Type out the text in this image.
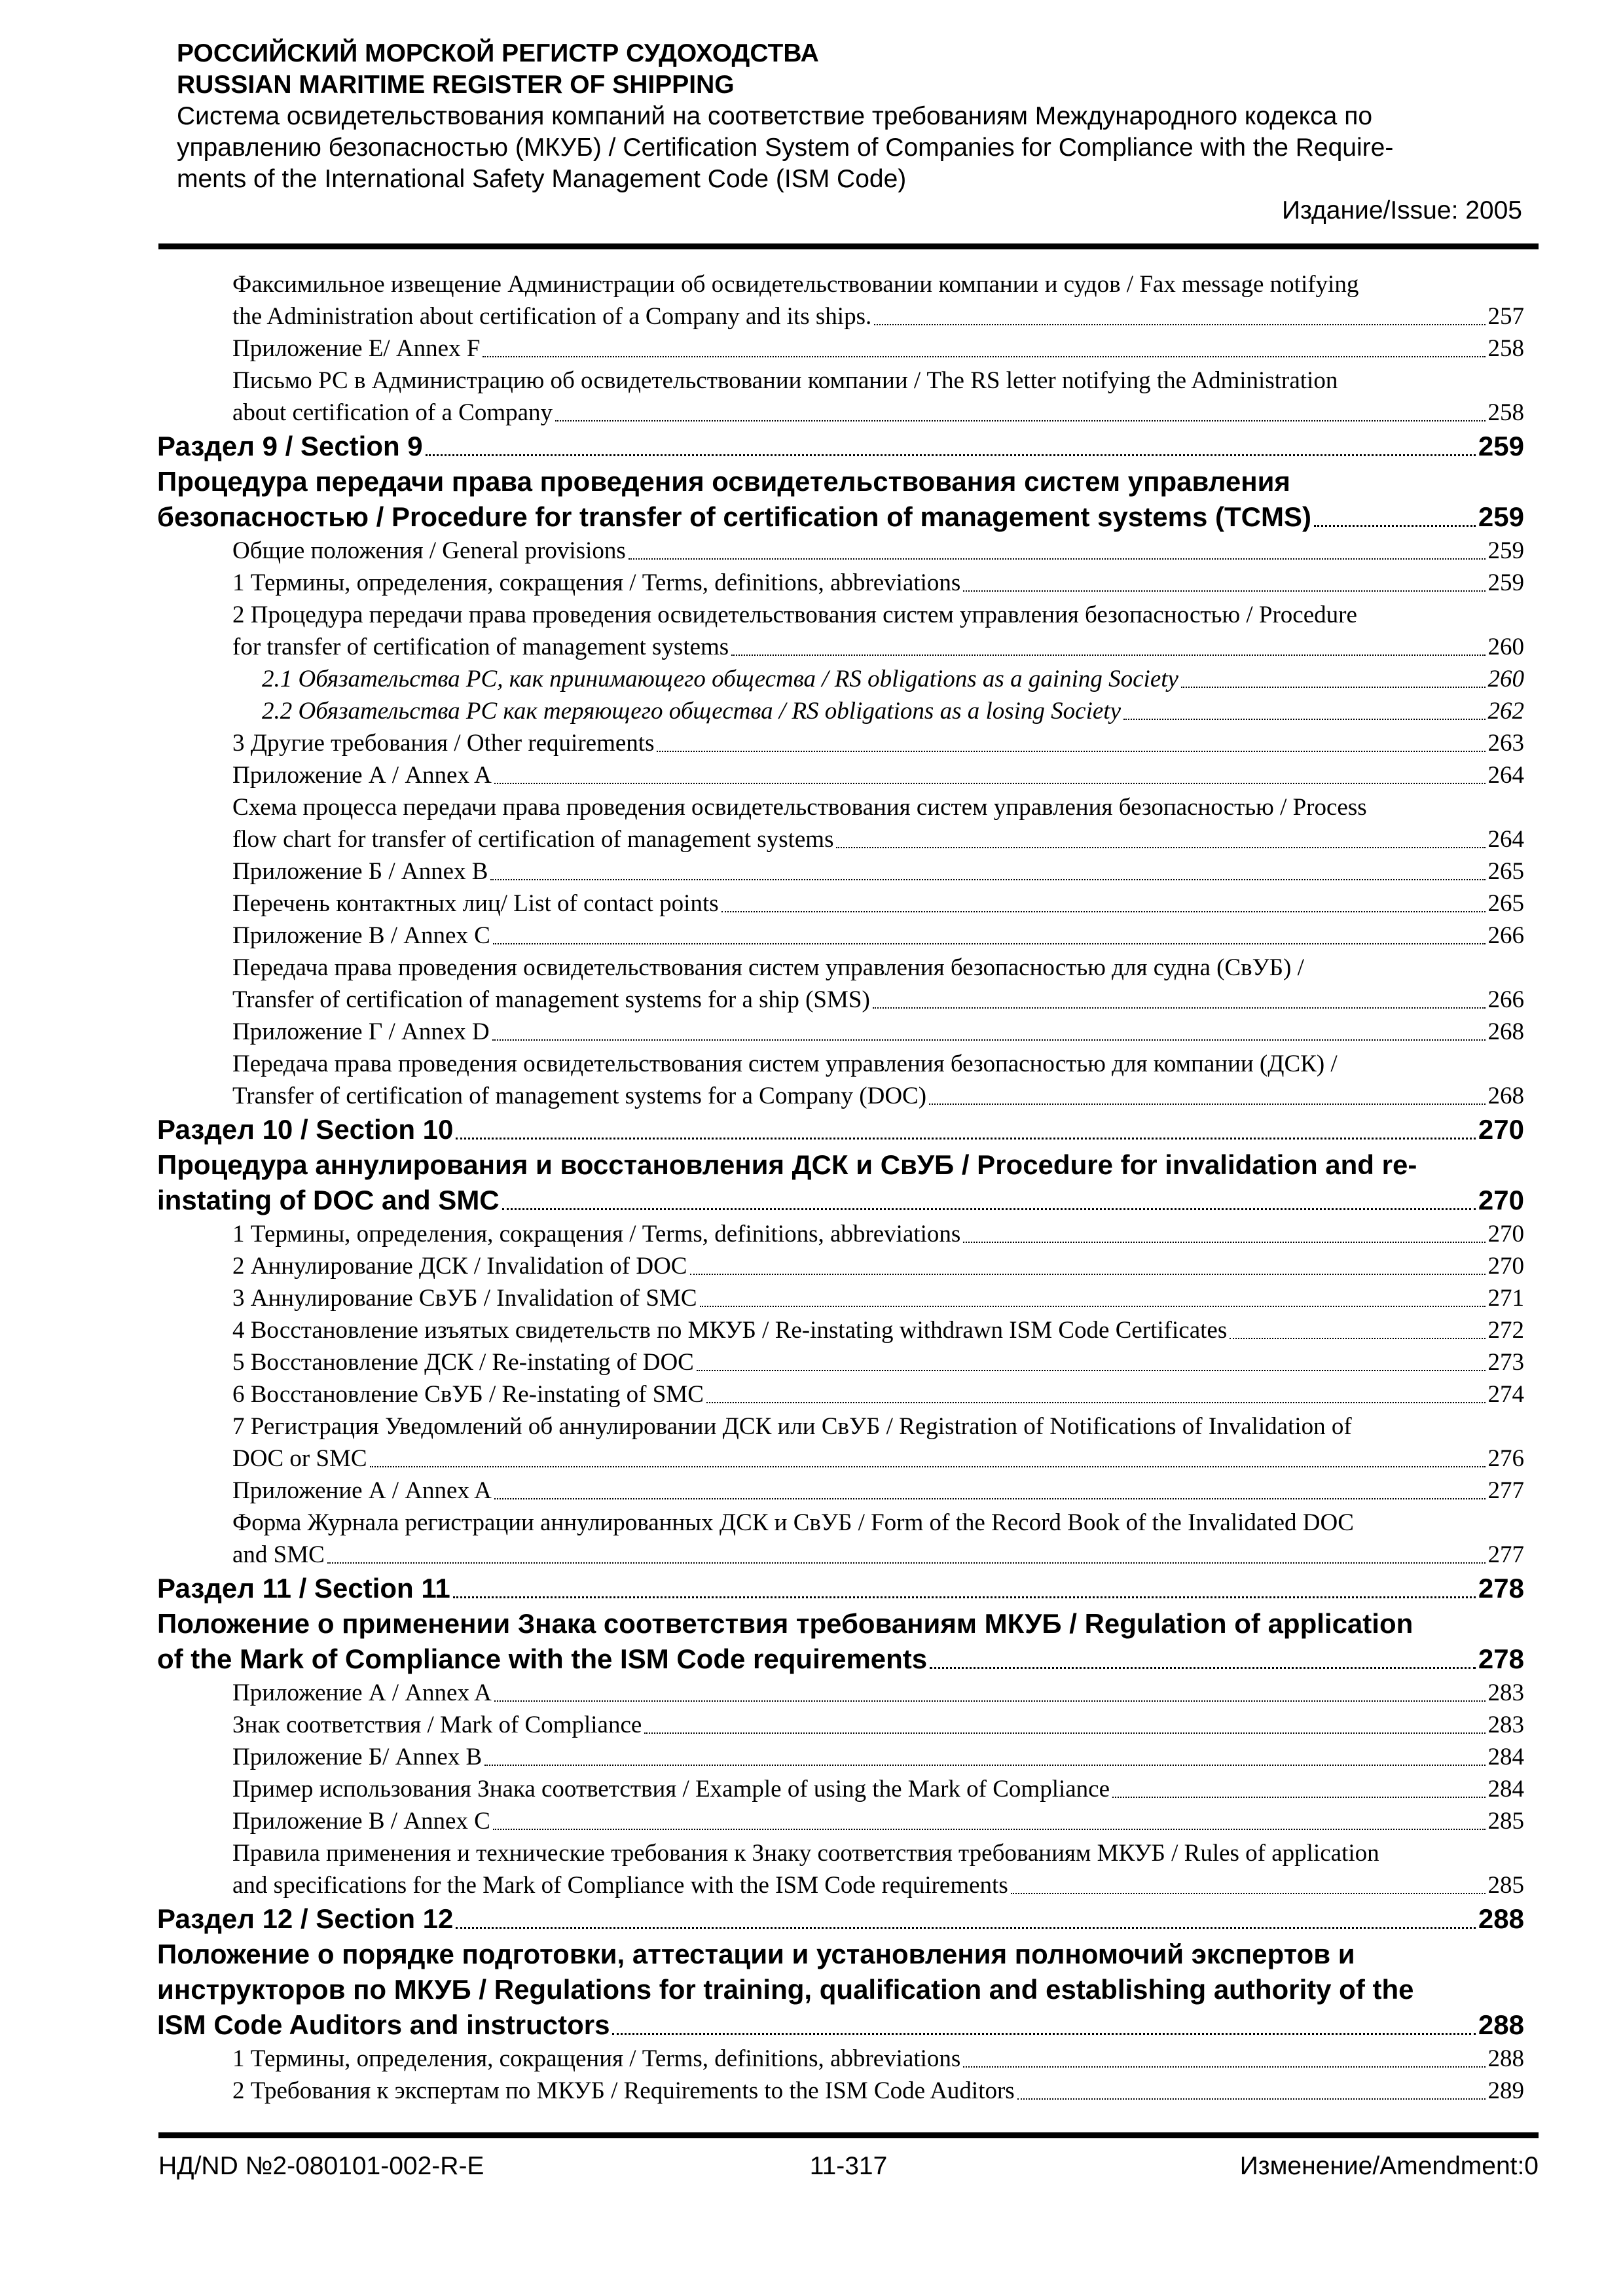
РОССИЙСКИЙ МОРСКОЙ РЕГИСТР СУДОХОДСТВА

RUSSIAN MARITIME REGISTER OF SHIPPING

Система освидетельствования компаний на соответствие требованиям Международного кодекса по

управлению безопасностью (МКУБ) / Certification System of Companies for Compliance with the Require-

ments of the International Safety Management Code (ISM Code)

Издание/Issue: 2005

Факсимильное извещение Администрации об освидетельствовании компании и судов / Fax message notifying
the Administration about certification of a Company and its ships.	257
Приложение Е/ Annex F	258
Письмо РС в Администрацию об освидетельствовании компании / The RS letter notifying the Administration
about certification of a Company	258
Раздел 9 / Section 9	259
Процедура передачи права проведения освидетельствования систем управления
безопасностью / Procedure for transfer of certification of management systems (TCMS)	259
Общие положения / General provisions	259
1 Термины, определения, сокращения / Terms, definitions, abbreviations	259
2 Процедура передачи права проведения освидетельствования систем управления безопасностью / Procedure
for transfer of certification of management systems	260
2.1 Обязательства РС, как принимающего общества / RS obligations as a gaining Society	260
2.2 Обязательства РС как теряющего общества / RS obligations as a losing Society	262
3 Другие требования / Other requirements	263
Приложение А / Annex A	264
Схема процесса передачи права проведения освидетельствования систем управления безопасностью / Process
flow chart for transfer of certification of management systems	264
Приложение Б / Annex B	265
Перечень контактных лиц/ List of contact points	265
Приложение В / Annex C	266
Передача права проведения освидетельствования систем управления безопасностью для судна (СвУБ) /
Transfer of certification of management systems for a ship (SMS)	266
Приложение Г / Annex D	268
Передача права проведения освидетельствования систем управления безопасностью для компании (ДСК) /
Transfer of certification of management systems for a Company (DOC)	268
Раздел 10 / Section 10	270
Процедура аннулирования и восстановления ДСК и СвУБ / Procedure for invalidation and re-
instating of DOC and SMC	270
1 Термины, определения, сокращения / Terms, definitions, abbreviations	270
2 Аннулирование ДСК / Invalidation of DOC	270
3 Аннулирование СвУБ / Invalidation of SMC	271
4 Восстановление изъятых свидетельств по МКУБ / Re-instating withdrawn ISM Code Certificates	272
5 Восстановление ДСК / Re-instating of DOC	273
6 Восстановление СвУБ / Re-instating of SMC	274
7 Регистрация Уведомлений об аннулировании ДСК или СвУБ / Registration of Notifications of Invalidation of
DOC or SMC	276
Приложение А / Annex A	277
Форма Журнала регистрации аннулированных ДСК и СвУБ / Form of the Record Book of the Invalidated DOC
and SMC	277
Раздел 11 / Section 11	278
Положение о применении Знака соответствия требованиям МКУБ / Regulation of application
of the Mark of Compliance with the ISM Code requirements	278
Приложение А / Annex A	283
Знак соответствия / Mark of Compliance	283
Приложение Б/ Annex B	284
Пример использования Знака соответствия / Example of using the Mark of Compliance	284
Приложение В / Annex C	285
Правила применения и технические требования к Знаку соответствия требованиям МКУБ / Rules of application
and specifications for the Mark of Compliance with the ISM Code requirements	285
Раздел 12 / Section 12	288
Положение о порядке подготовки, аттестации и установления полномочий экспертов и
инструкторов по МКУБ / Regulations for training, qualification and establishing authority of the
ISM Code Auditors and instructors	288
1 Термины, определения, сокращения / Terms, definitions, abbreviations	288
2 Требования к экспертам по МКУБ / Requirements to the ISM Code Auditors	289
НД/ND №2-080101-002-R-E	11-317	Изменение/Amendment:0
